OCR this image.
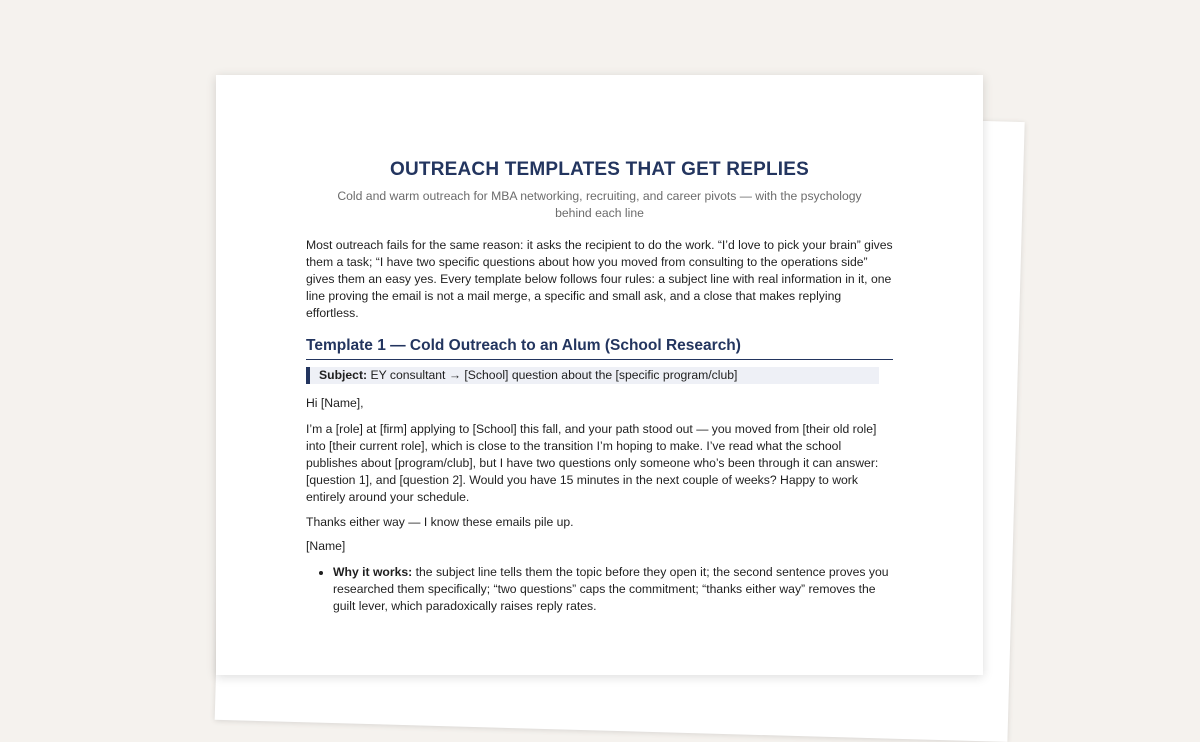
OUTREACH TEMPLATES THAT GET REPLIES

Cold and warm outreach for MBA networking, recruiting, and career pivots — with the psychology behind each line

Most outreach fails for the same reason: it asks the recipient to do the work. “I’d love to pick your brain” gives them a task; “I have two specific questions about how you moved from consulting to the operations side” gives them an easy yes. Every template below follows four rules: a subject line with real information in it, one line proving the email is not a mail merge, a specific and small ask, and a close that makes replying effortless.

Template 1 — Cold Outreach to an Alum (School Research)
Subject: EY consultant → [School] question about the [specific program/club]

Hi [Name],

I’m a [role] at [firm] applying to [School] this fall, and your path stood out — you moved from [their old role] into [their current role], which is close to the transition I’m hoping to make. I’ve read what the school publishes about [program/club], but I have two questions only someone who’s been through it can answer: [question 1], and [question 2]. Would you have 15 minutes in the next couple of weeks? Happy to work entirely around your schedule.

Thanks either way — I know these emails pile up.

[Name]

• Why it works: the subject line tells them the topic before they open it; the second sentence proves you researched them specifically; “two questions” caps the commitment; “thanks either way” removes the guilt lever, which paradoxically raises reply rates.
